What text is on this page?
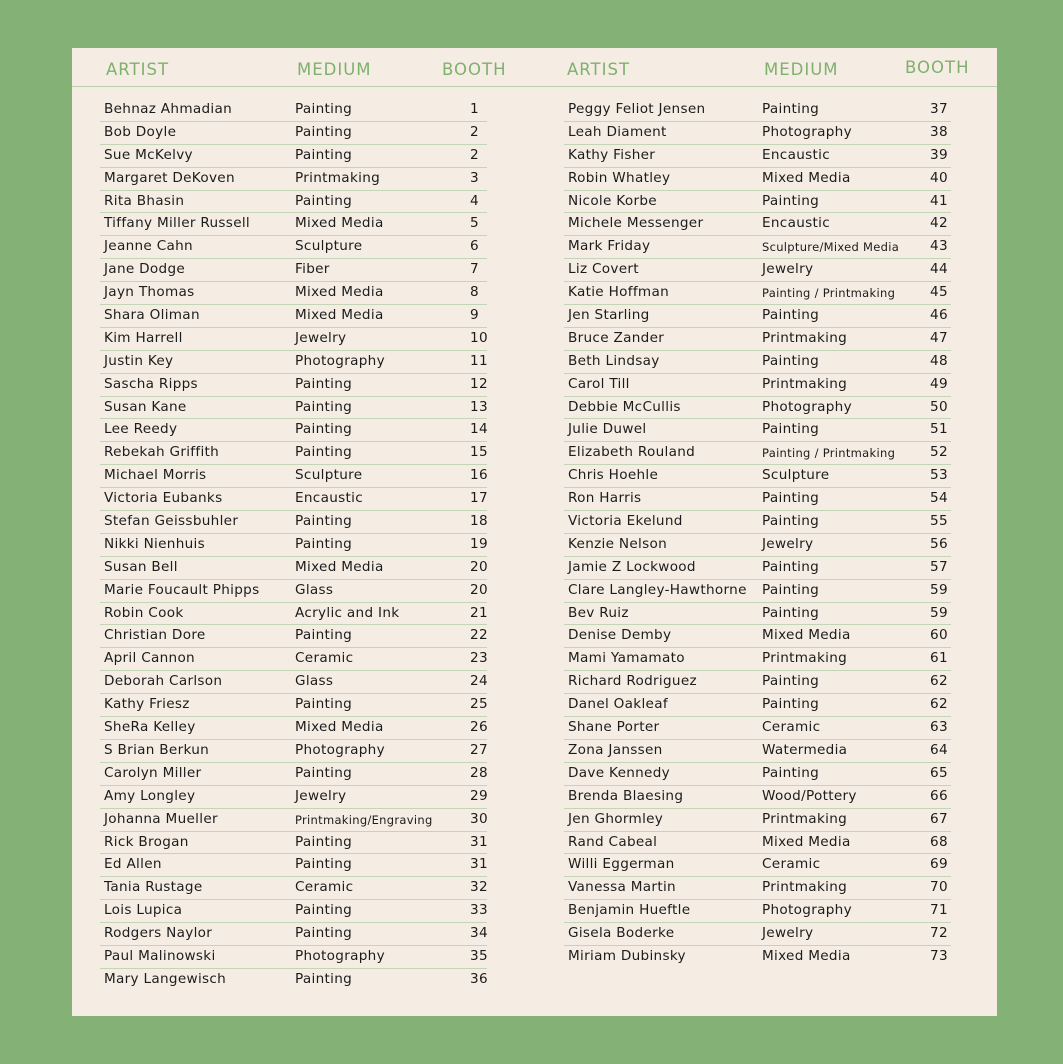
ARTIST	MEDIUM	BOOTH	ARTIST	MEDIUM	BOOTH
Behnaz Ahmadian	Painting	1
Bob Doyle	Painting	2
Sue McKelvy	Painting	2
Margaret DeKoven	Printmaking	3
Rita Bhasin	Painting	4
Tiffany Miller Russell	Mixed Media	5
Jeanne Cahn	Sculpture	6
Jane Dodge	Fiber	7
Jayn Thomas	Mixed Media	8
Shara Oliman	Mixed Media	9
Kim Harrell	Jewelry	10
Justin Key	Photography	11
Sascha Ripps	Painting	12
Susan Kane	Painting	13
Lee Reedy	Painting	14
Rebekah Griffith	Painting	15
Michael Morris	Sculpture	16
Victoria Eubanks	Encaustic	17
Stefan Geissbuhler	Painting	18
Nikki Nienhuis	Painting	19
Susan Bell	Mixed Media	20
Marie Foucault Phipps	Glass	20
Robin Cook	Acrylic and Ink	21
Christian Dore	Painting	22
April Cannon	Ceramic	23
Deborah Carlson	Glass	24
Kathy Friesz	Painting	25
SheRa Kelley	Mixed Media	26
S Brian Berkun	Photography	27
Carolyn Miller	Painting	28
Amy Longley	Jewelry	29
Johanna Mueller	Printmaking/Engraving	30
Rick Brogan	Painting	31
Ed Allen	Painting	31
Tania Rustage	Ceramic	32
Lois Lupica	Painting	33
Rodgers Naylor	Painting	34
Paul Malinowski	Photography	35
Mary Langewisch	Painting	36
Peggy Feliot Jensen	Painting	37
Leah Diament	Photography	38
Kathy Fisher	Encaustic	39
Robin Whatley	Mixed Media	40
Nicole Korbe	Painting	41
Michele Messenger	Encaustic	42
Mark Friday	Sculpture/Mixed Media 43
Liz Covert	Jewelry	44
Katie Hoffman	Painting / Printmaking	45
Jen Starling	Painting	46
Bruce Zander	Printmaking	47
Beth Lindsay	Painting	48
Carol Till	Printmaking	49
Debbie McCullis	Photography	50
Julie Duwel	Painting	51
Elizabeth Rouland	Painting / Printmaking	52
Chris Hoehle	Sculpture	53
Ron Harris	Painting	54
Victoria Ekelund	Painting	55
Kenzie Nelson	Jewelry	56
Jamie Z Lockwood	Painting	57
Clare Langley-Hawthorne Painting	59
Bev Ruiz	Painting	59
Denise Demby	Mixed Media	60
Mami Yamamato	Printmaking	61
Richard Rodriguez	Painting	62
Danel Oakleaf	Painting	62
Shane Porter	Ceramic	63
Zona Janssen	Watermedia	64
Dave Kennedy	Painting	65
Brenda Blaesing	Wood/Pottery	66
Jen Ghormley	Printmaking	67
Rand Cabeal	Mixed Media	68
Willi Eggerman	Ceramic	69
Vanessa Martin	Printmaking	70
Benjamin Hueftle	Photography	71
Gisela Boderke	Jewelry	72
Miriam Dubinsky	Mixed Media	73
